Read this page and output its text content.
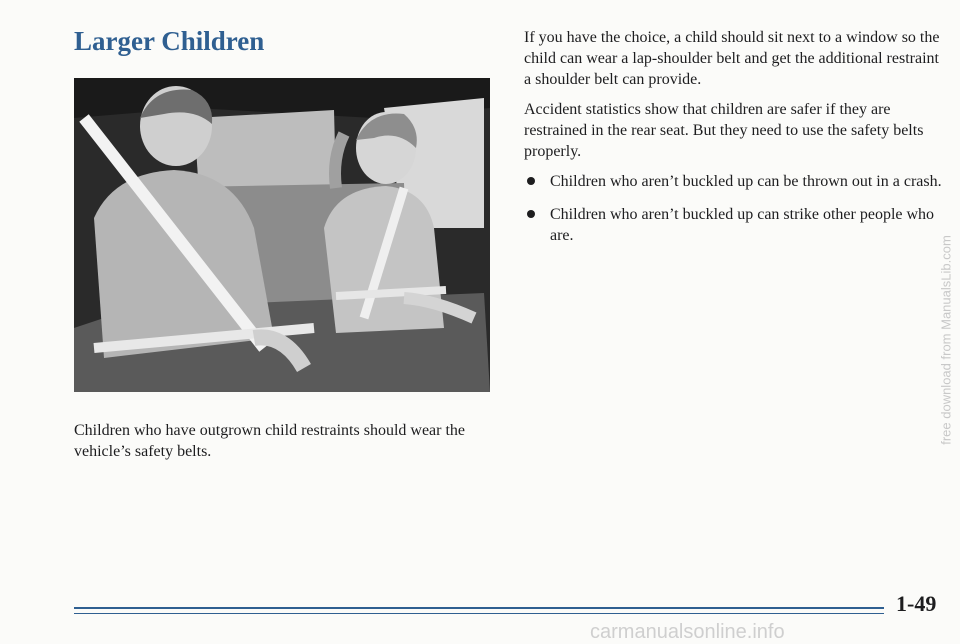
Larger Children

Children who have outgrown child restraints should wear the vehicle’s safety belts.

If you have the choice, a child should sit next to a window so the child can wear a lap-shoulder belt and get the additional restraint a shoulder belt can provide.

Accident statistics show that children are safer if they are restrained in the rear seat. But they need to use the safety belts properly.

Children who aren’t buckled up can be thrown out in a crash.
Children who aren’t buckled up can strike other people who are.
1-49
free download from ManualsLib.com
carmanualsonline.info
